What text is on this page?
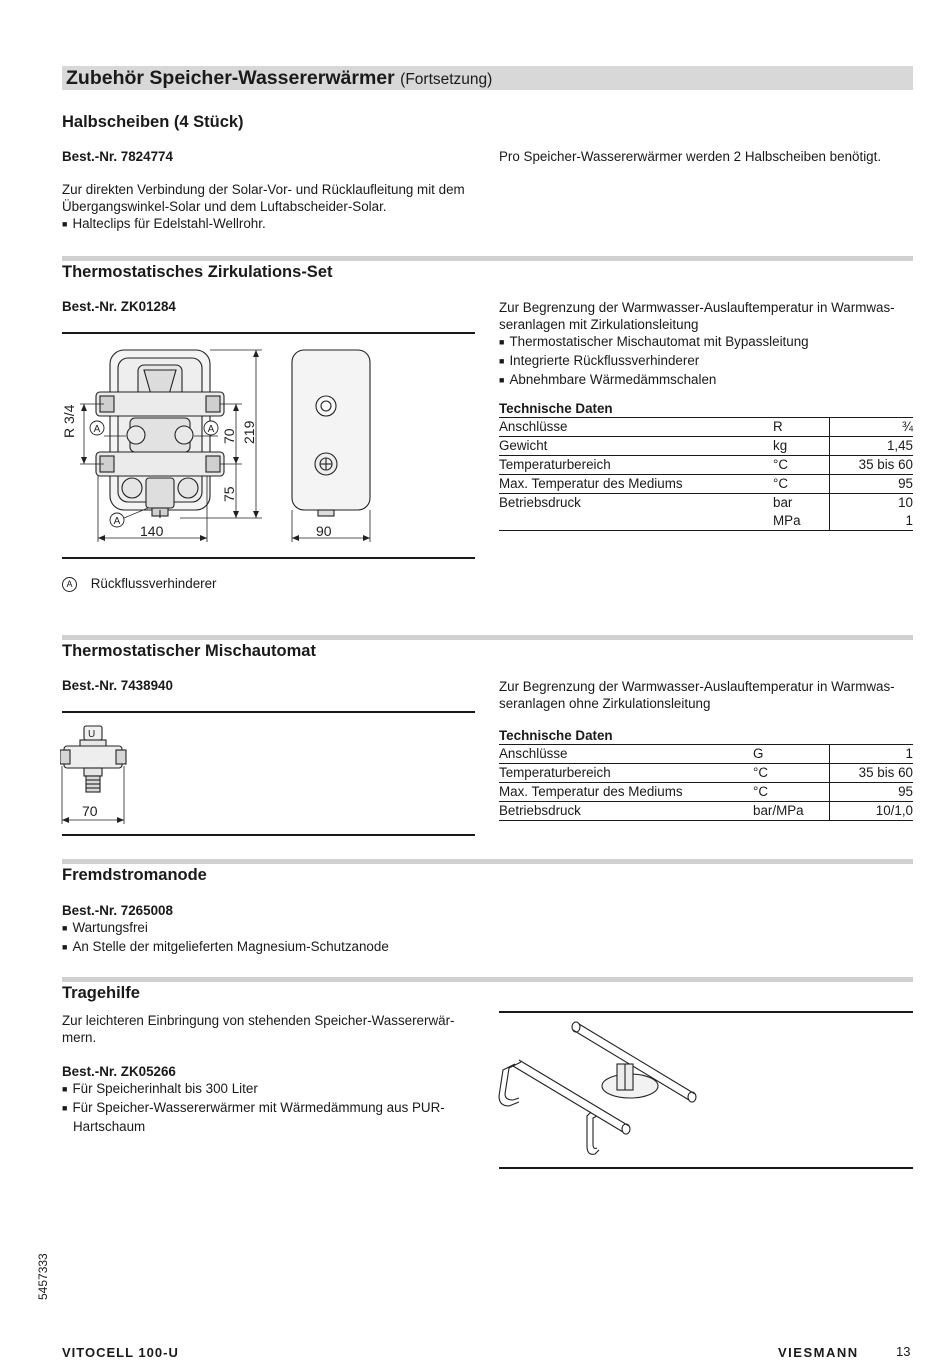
Zubehör Speicher-Wassererwärmer (Fortsetzung)
Halbscheiben (4 Stück)
Best.-Nr. 7824774	Pro Speicher-Wassererwärmer werden 2 Halbscheiben benötigt.
Zur direkten Verbindung der Solar-Vor- und Rücklaufleitung mit dem
Übergangswinkel-Solar und dem Luftabscheider-Solar.
■ Halteclips für Edelstahl-Wellrohr.
Thermostatisches Zirkulations-Set
Best.-Nr. ZK01284
A	A
A
R 3/4	70 219
75
140	90
A Rückflussverhinderer
Zur Begrenzung der Warmwasser-Auslauftemperatur in Warmwas-
seranlagen mit Zirkulationsleitung
■ Thermostatischer Mischautomat mit Bypassleitung
■ Integrierte Rückflussverhinderer
■ Abnehmbare Wärmedämmschalen
Technische Daten
Anschlüsse	R	¾
Gewicht	kg	1,45
Temperaturbereich	°C	35 bis 60
Max. Temperatur des Mediums	°C	95
Betriebsdruck	bar	10
	MPa	1
Thermostatischer Mischautomat
Best.-Nr. 7438940
U
70
Zur Begrenzung der Warmwasser-Auslauftemperatur in Warmwas-
seranlagen ohne Zirkulationsleitung
Technische Daten
Anschlüsse	G	1
Temperaturbereich	°C	35 bis 60
Max. Temperatur des Mediums	°C	95
Betriebsdruck	bar/MPa	10/1,0
Fremdstromanode
Best.-Nr. 7265008
■ Wartungsfrei
■ An Stelle der mitgelieferten Magnesium-Schutzanode
Tragehilfe
Zur leichteren Einbringung von stehenden Speicher-Wassererwär-
mern.
Best.-Nr. ZK05266
■ Für Speicherinhalt bis 300 Liter
■ Für Speicher-Wassererwärmer mit Wärmedämmung aus PUR-
Hartschaum
5457333
VITOCELL 100-U	VIESMANN	13
